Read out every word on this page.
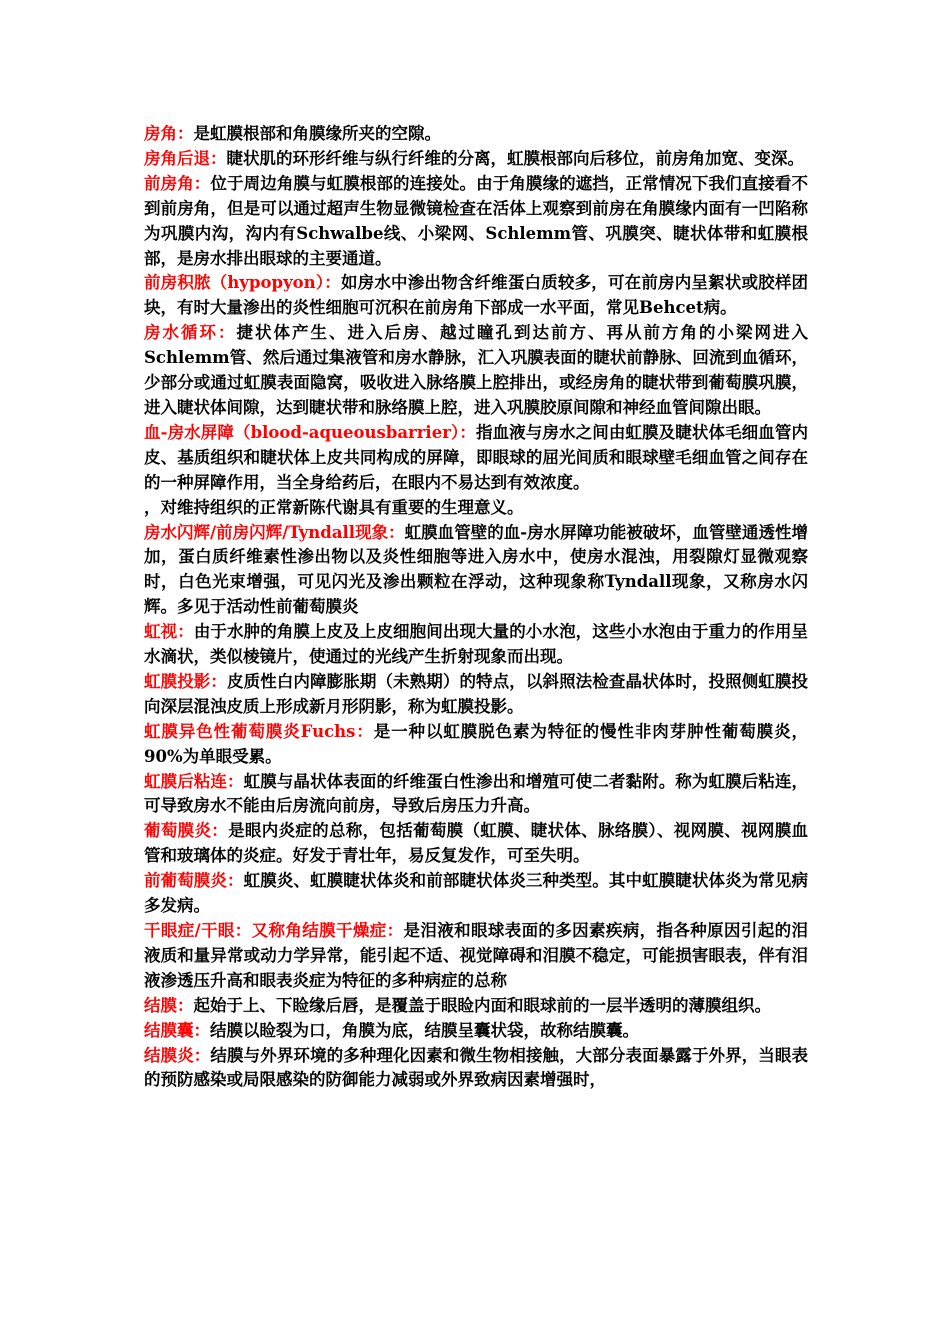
房角：是虹膜根部和角膜缘所夹的空隙。

房角后退：睫状肌的环形纤维与纵行纤维的分离，虹膜根部向后移位，前房角加宽、变深。

前房角：位于周边角膜与虹膜根部的连接处。由于角膜缘的遮挡，正常情况下我们直接看不到前房角，但是可以通过超声生物显微镜检查在活体上观察到前房在角膜缘内面有一凹陷称为巩膜内沟，沟内有Schwalbe线、小梁网、Schlemm管、巩膜突、睫状体带和虹膜根部，是房水排出眼球的主要通道。

前房积脓（hypopyon）：如房水中渗出物含纤维蛋白质较多，可在前房内呈絮状或胶样团块，有时大量渗出的炎性细胞可沉积在前房角下部成一水平面，常见Behcet病。

房水循环：捷状体产生、进入后房、越过瞳孔到达前方、再从前方角的小梁网进入Schlemm管、然后通过集液管和房水静脉，汇入巩膜表面的睫状前静脉、回流到血循环，少部分或通过虹膜表面隐窝，吸收进入脉络膜上腔排出，或经房角的睫状带到葡萄膜巩膜，进入睫状体间隙，达到睫状带和脉络膜上腔，进入巩膜胶原间隙和神经血管间隙出眼。

血-房水屏障（blood-aqueousbarrier）：指血液与房水之间由虹膜及睫状体毛细血管内皮、基质组织和睫状体上皮共同构成的屏障，即眼球的屈光间质和眼球壁毛细血管之间存在的一种屏障作用，当全身给药后，在眼内不易达到有效浓度。

，对维持组织的正常新陈代谢具有重要的生理意义。

房水闪辉/前房闪辉/Tyndall现象：虹膜血管壁的血-房水屏障功能被破坏，血管壁通透性增加，蛋白质纤维素性渗出物以及炎性细胞等进入房水中，使房水混浊，用裂隙灯显微观察时，白色光束增强，可见闪光及渗出颗粒在浮动，这种现象称Tyndall现象，又称房水闪辉。多见于活动性前葡萄膜炎

虹视：由于水肿的角膜上皮及上皮细胞间出现大量的小水泡，这些小水泡由于重力的作用呈水滴状，类似棱镜片，使通过的光线产生折射现象而出现。

虹膜投影：皮质性白内障膨胀期（未熟期）的特点，以斜照法检查晶状体时，投照侧虹膜投向深层混浊皮质上形成新月形阴影，称为虹膜投影。

虹膜异色性葡萄膜炎Fuchs：是一种以虹膜脱色素为特征的慢性非肉芽肿性葡萄膜炎，90%为单眼受累。

虹膜后粘连：虹膜与晶状体表面的纤维蛋白性渗出和增殖可使二者黏附。称为虹膜后粘连，可导致房水不能由后房流向前房，导致后房压力升高。

葡萄膜炎：是眼内炎症的总称，包括葡萄膜（虹膜、睫状体、脉络膜）、视网膜、视网膜血管和玻璃体的炎症。好发于青壮年，易反复发作，可至失明。

前葡萄膜炎：虹膜炎、虹膜睫状体炎和前部睫状体炎三种类型。其中虹膜睫状体炎为常见病多发病。

干眼症/干眼：又称角结膜干燥症：是泪液和眼球表面的多因素疾病，指各种原因引起的泪液质和量异常或动力学异常，能引起不适、视觉障碍和泪膜不稳定，可能损害眼表，伴有泪液渗透压升高和眼表炎症为特征的多种病症的总称

结膜：起始于上、下睑缘后唇，是覆盖于眼睑内面和眼球前的一层半透明的薄膜组织。

结膜囊：结膜以睑裂为口，角膜为底，结膜呈囊状袋，故称结膜囊。

结膜炎：结膜与外界环境的多种理化因素和微生物相接触，大部分表面暴露于外界，当眼表的预防感染或局限感染的防御能力减弱或外界致病因素增强时，
